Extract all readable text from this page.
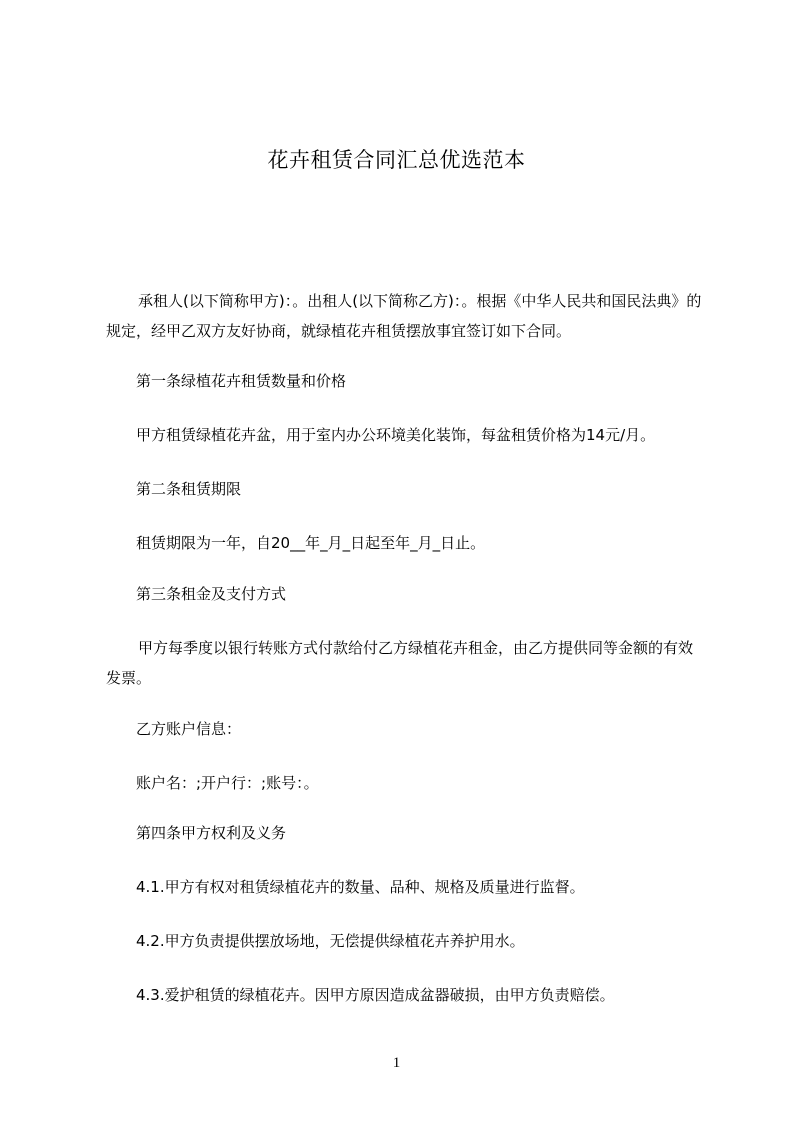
花卉租赁合同汇总优选范本

承租人(以下简称甲方)：。出租人(以下简称乙方)：。根据《中华人民共和国民法典》的规定，经甲乙双方友好协商，就绿植花卉租赁摆放事宜签订如下合同。

第一条绿植花卉租赁数量和价格

甲方租赁绿植花卉盆，用于室内办公环境美化装饰，每盆租赁价格为14元/月。

第二条租赁期限

租赁期限为一年，自20__年_月_日起至年_月_日止。

第三条租金及支付方式

甲方每季度以银行转账方式付款给付乙方绿植花卉租金，由乙方提供同等金额的有效发票。

乙方账户信息：

账户名：;开户行：;账号：。

第四条甲方权利及义务

4.1.甲方有权对租赁绿植花卉的数量、品种、规格及质量进行监督。

4.2.甲方负责提供摆放场地，无偿提供绿植花卉养护用水。

4.3.爱护租赁的绿植花卉。因甲方原因造成盆器破损，由甲方负责赔偿。

1
